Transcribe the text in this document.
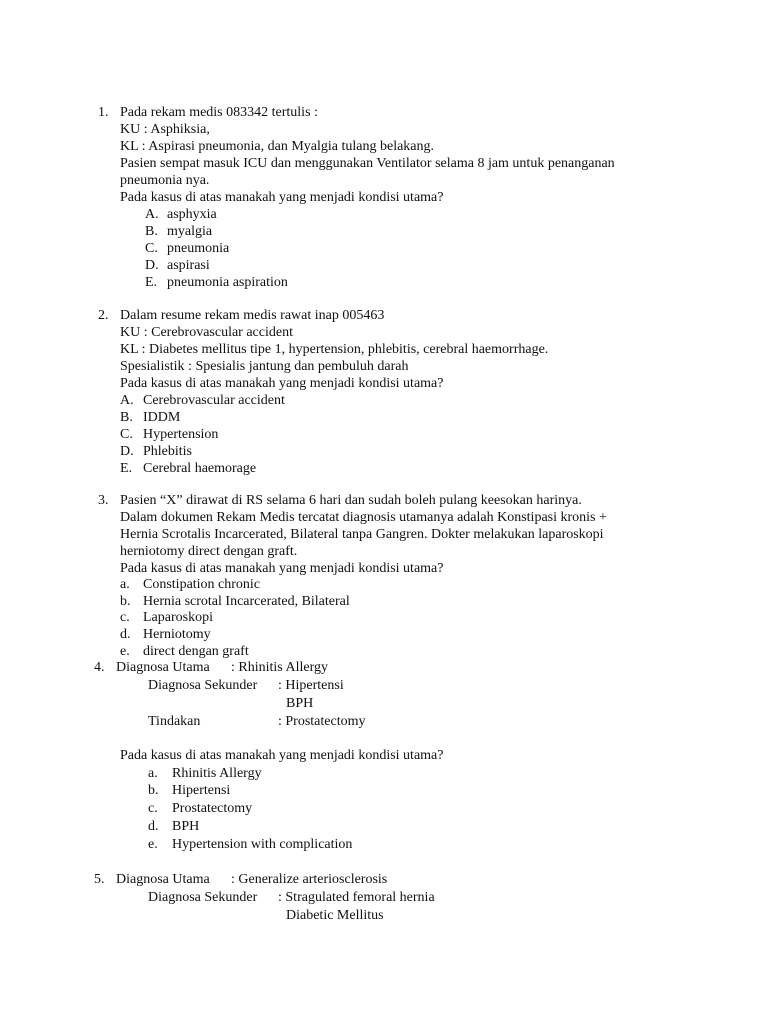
1. Pada rekam medis 083342 tertulis :
KU : Asphiksia,
KL : Aspirasi pneumonia, dan Myalgia tulang belakang.
Pasien sempat masuk ICU dan menggunakan Ventilator selama 8 jam untuk penanganan
pneumonia nya.
Pada kasus di atas manakah yang menjadi kondisi utama?
A. asphyxia
B. myalgia
C. pneumonia
D. aspirasi
E. pneumonia aspiration
2. Dalam resume rekam medis rawat inap 005463
KU : Cerebrovascular accident
KL : Diabetes mellitus tipe 1, hypertension, phlebitis, cerebral haemorrhage.
Spesialistik : Spesialis jantung dan pembuluh darah
Pada kasus di atas manakah yang menjadi kondisi utama?
A. Cerebrovascular accident
B. IDDM
C. Hypertension
D. Phlebitis
E. Cerebral haemorage
3. Pasien “X” dirawat di RS selama 6 hari dan sudah boleh pulang keesokan harinya.
Dalam dokumen Rekam Medis tercatat diagnosis utamanya adalah Konstipasi kronis +
Hernia Scrotalis Incarcerated, Bilateral tanpa Gangren. Dokter melakukan laparoskopi
herniotomy direct dengan graft.
Pada kasus di atas manakah yang menjadi kondisi utama?
a. Constipation chronic
b. Hernia scrotal Incarcerated, Bilateral
c. Laparoskopi
d. Herniotomy
e. direct dengan graft
4. Diagnosa Utama : Rhinitis Allergy
Diagnosa Sekunder : Hipertensi
BPH
Tindakan	: Prostatectomy
Pada kasus di atas manakah yang menjadi kondisi utama?
a. Rhinitis Allergy
b. Hipertensi
c. Prostatectomy
d. BPH
e. Hypertension with complication
5. Diagnosa Utama : Generalize arteriosclerosis
Diagnosa Sekunder : Stragulated femoral hernia
Diabetic Mellitus
